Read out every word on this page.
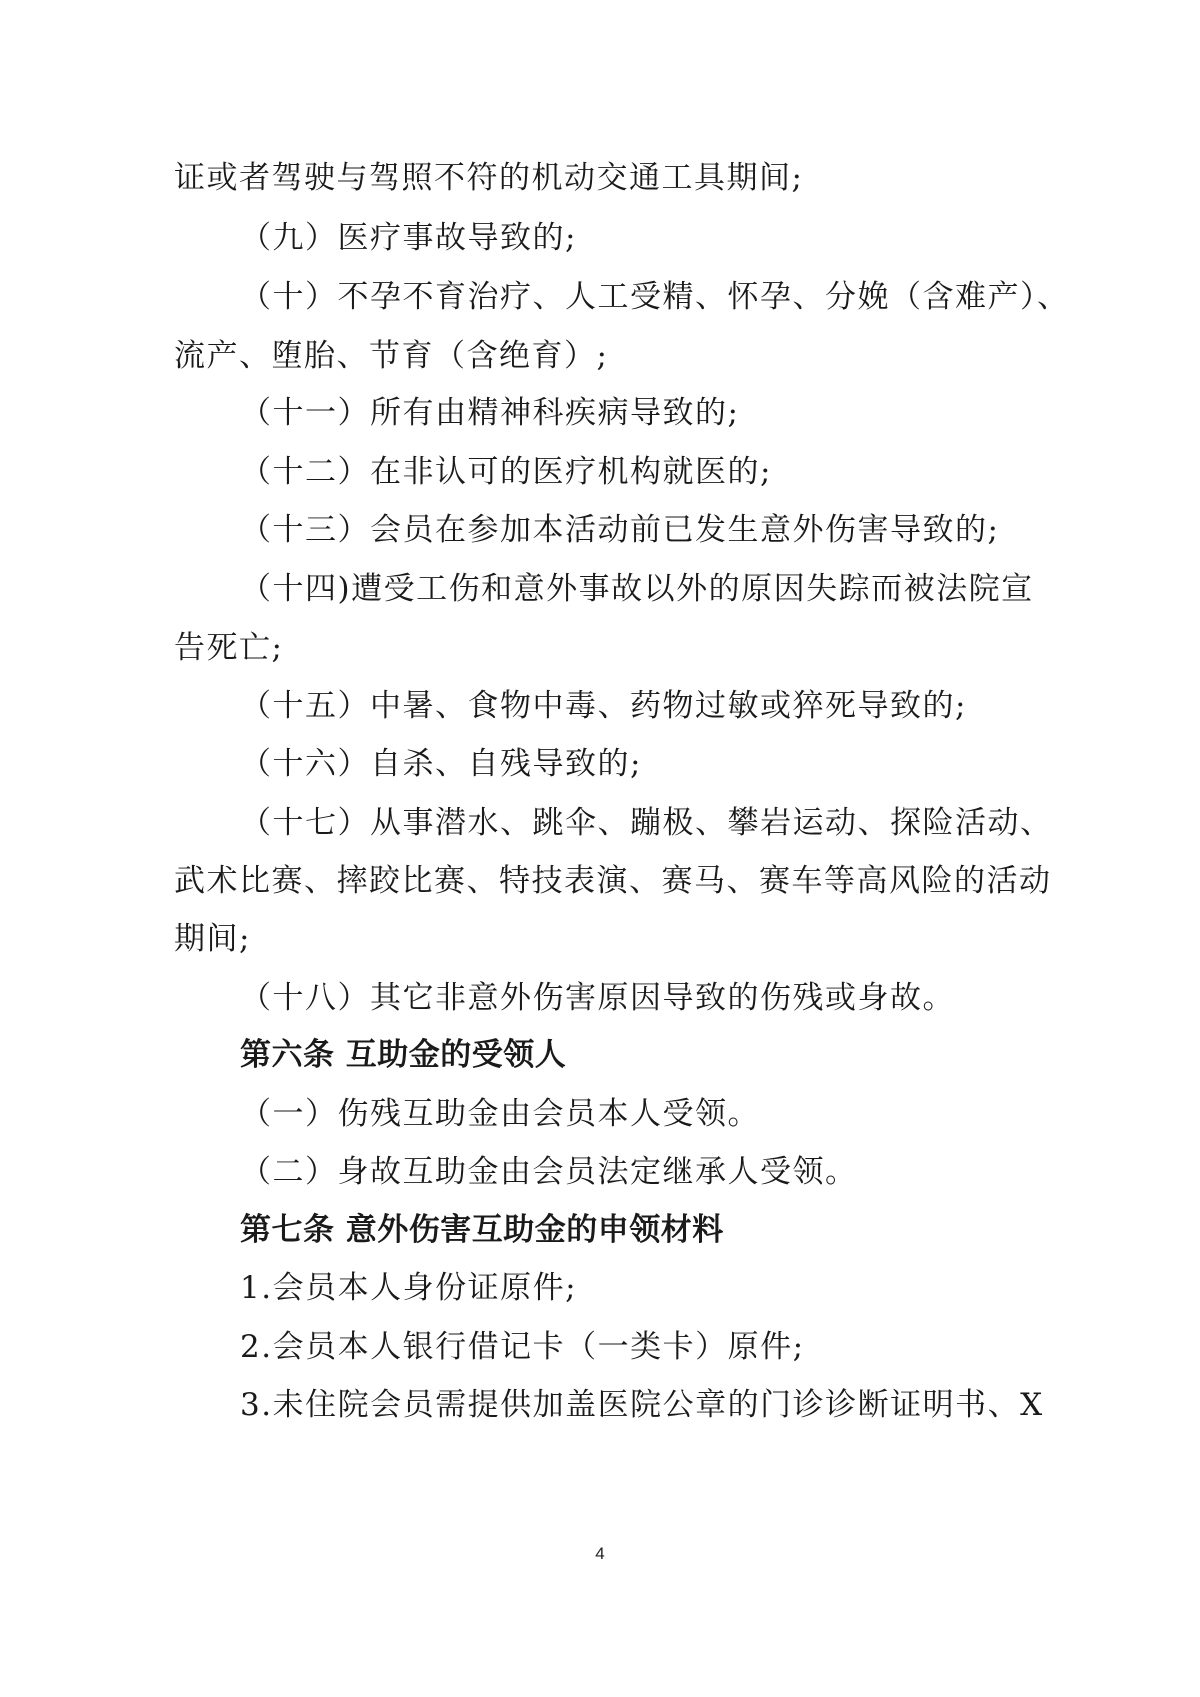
证或者驾驶与驾照不符的机动交通工具期间;
（九）医疗事故导致的;
（十）不孕不育治疗、人工受精、怀孕、分娩（含难产）、
流产、堕胎、节育（含绝育）;
（十一）所有由精神科疾病导致的;
（十二）在非认可的医疗机构就医的;
（十三）会员在参加本活动前已发生意外伤害导致的;
（十四)遭受工伤和意外事故以外的原因失踪而被法院宣
告死亡;
（十五）中暑、食物中毒、药物过敏或猝死导致的;
（十六）自杀、自残导致的;
（十七）从事潜水、跳伞、蹦极、攀岩运动、探险活动、
武术比赛、摔跤比赛、特技表演、赛马、赛车等高风险的活动
期间;
（十八）其它非意外伤害原因导致的伤残或身故。
第六条 互助金的受领人
（一）伤残互助金由会员本人受领。
（二）身故互助金由会员法定继承人受领。
第七条 意外伤害互助金的申领材料
1.会员本人身份证原件;
2.会员本人银行借记卡（一类卡）原件;
3.未住院会员需提供加盖医院公章的门诊诊断证明书、X
4
